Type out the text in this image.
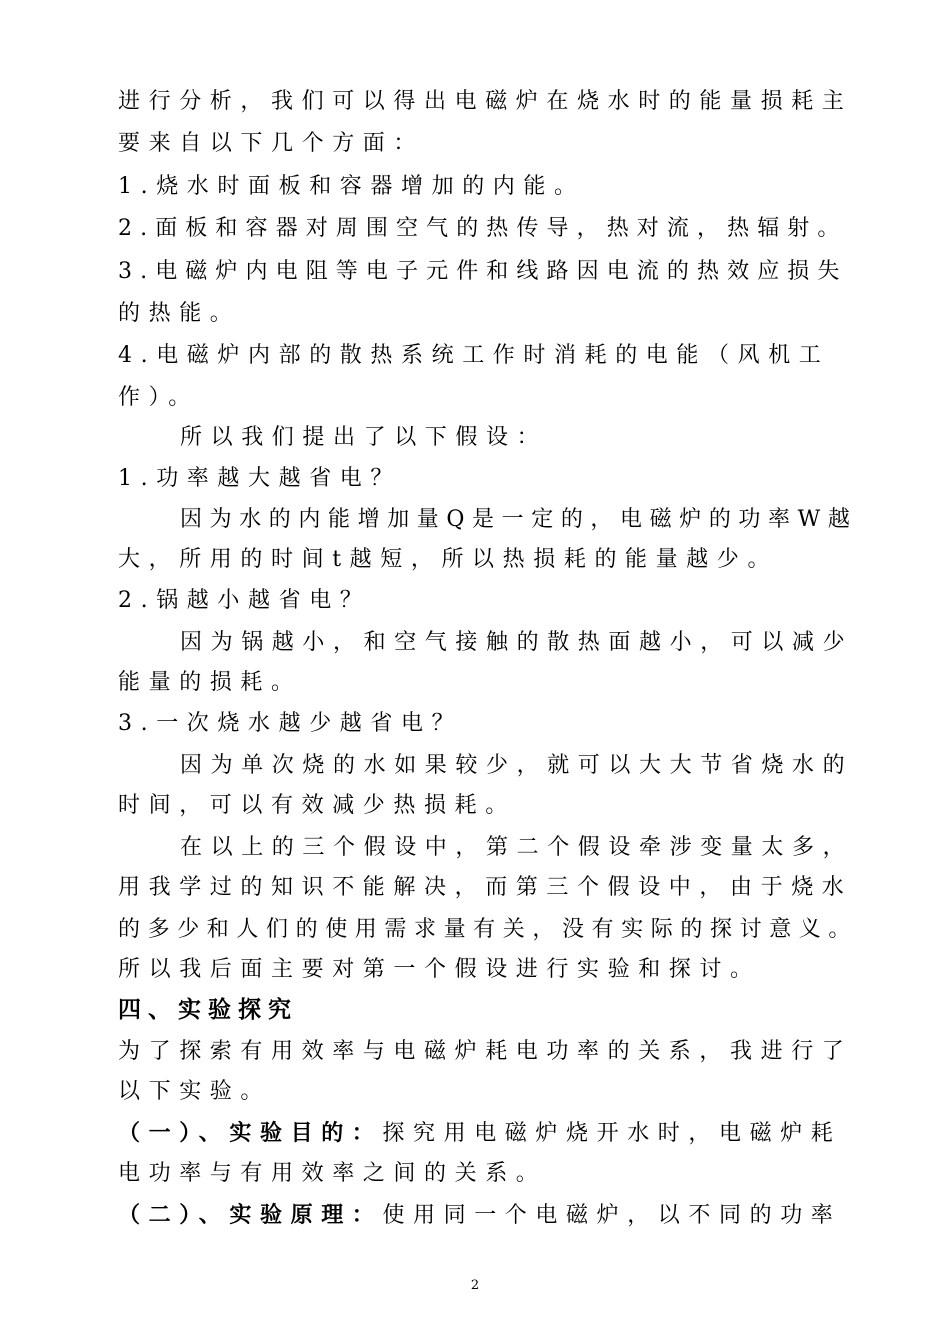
进行分析，我们可以得出电磁炉在烧水时的能量损耗主
要来自以下几个方面：
1.烧水时面板和容器增加的内能。
2.面板和容器对周围空气的热传导，热对流，热辐射。
3.电磁炉内电阻等电子元件和线路因电流的热效应损失
的热能。
4.电磁炉内部的散热系统工作时消耗的电能（风机工
作）。
所以我们提出了以下假设：
1.功率越大越省电？
因为水的内能增加量Q是一定的，电磁炉的功率W越
大，所用的时间t越短，所以热损耗的能量越少。
2.锅越小越省电？
因为锅越小，和空气接触的散热面越小，可以减少
能量的损耗。
3.一次烧水越少越省电？
因为单次烧的水如果较少，就可以大大节省烧水的
时间，可以有效减少热损耗。
在以上的三个假设中，第二个假设牵涉变量太多，
用我学过的知识不能解决，而第三个假设中，由于烧水
的多少和人们的使用需求量有关，没有实际的探讨意义。
所以我后面主要对第一个假设进行实验和探讨。
四、实验探究
为了探索有用效率与电磁炉耗电功率的关系，我进行了
以下实验。
（一）、实验目的：探究用电磁炉烧开水时，电磁炉耗
电功率与有用效率之间的关系。
（二）、实验原理：使用同一个电磁炉，以不同的功率
2
